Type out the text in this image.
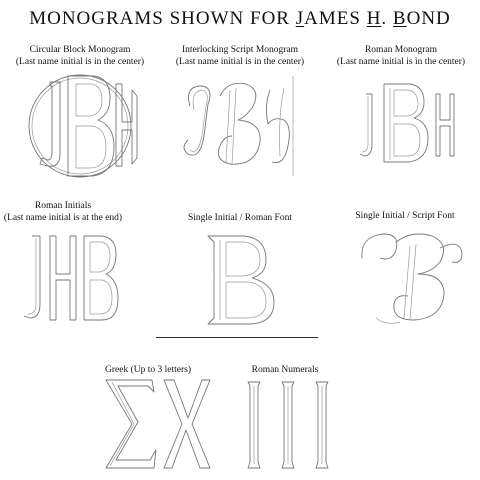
MONOGRAMS SHOWN FOR JAMES H. BOND
Circular Block Monogram
(Last name initial is in the center)
Interlocking Script Monogram
(Last name initial is in the center)
Roman Monogram
(Last name initial is in the center)
Roman Initials
(Last name initial is at the end)	Single Initial / Roman Font	Single Initial / Script Font
Greek (Up to 3 letters)	Roman Numerals
